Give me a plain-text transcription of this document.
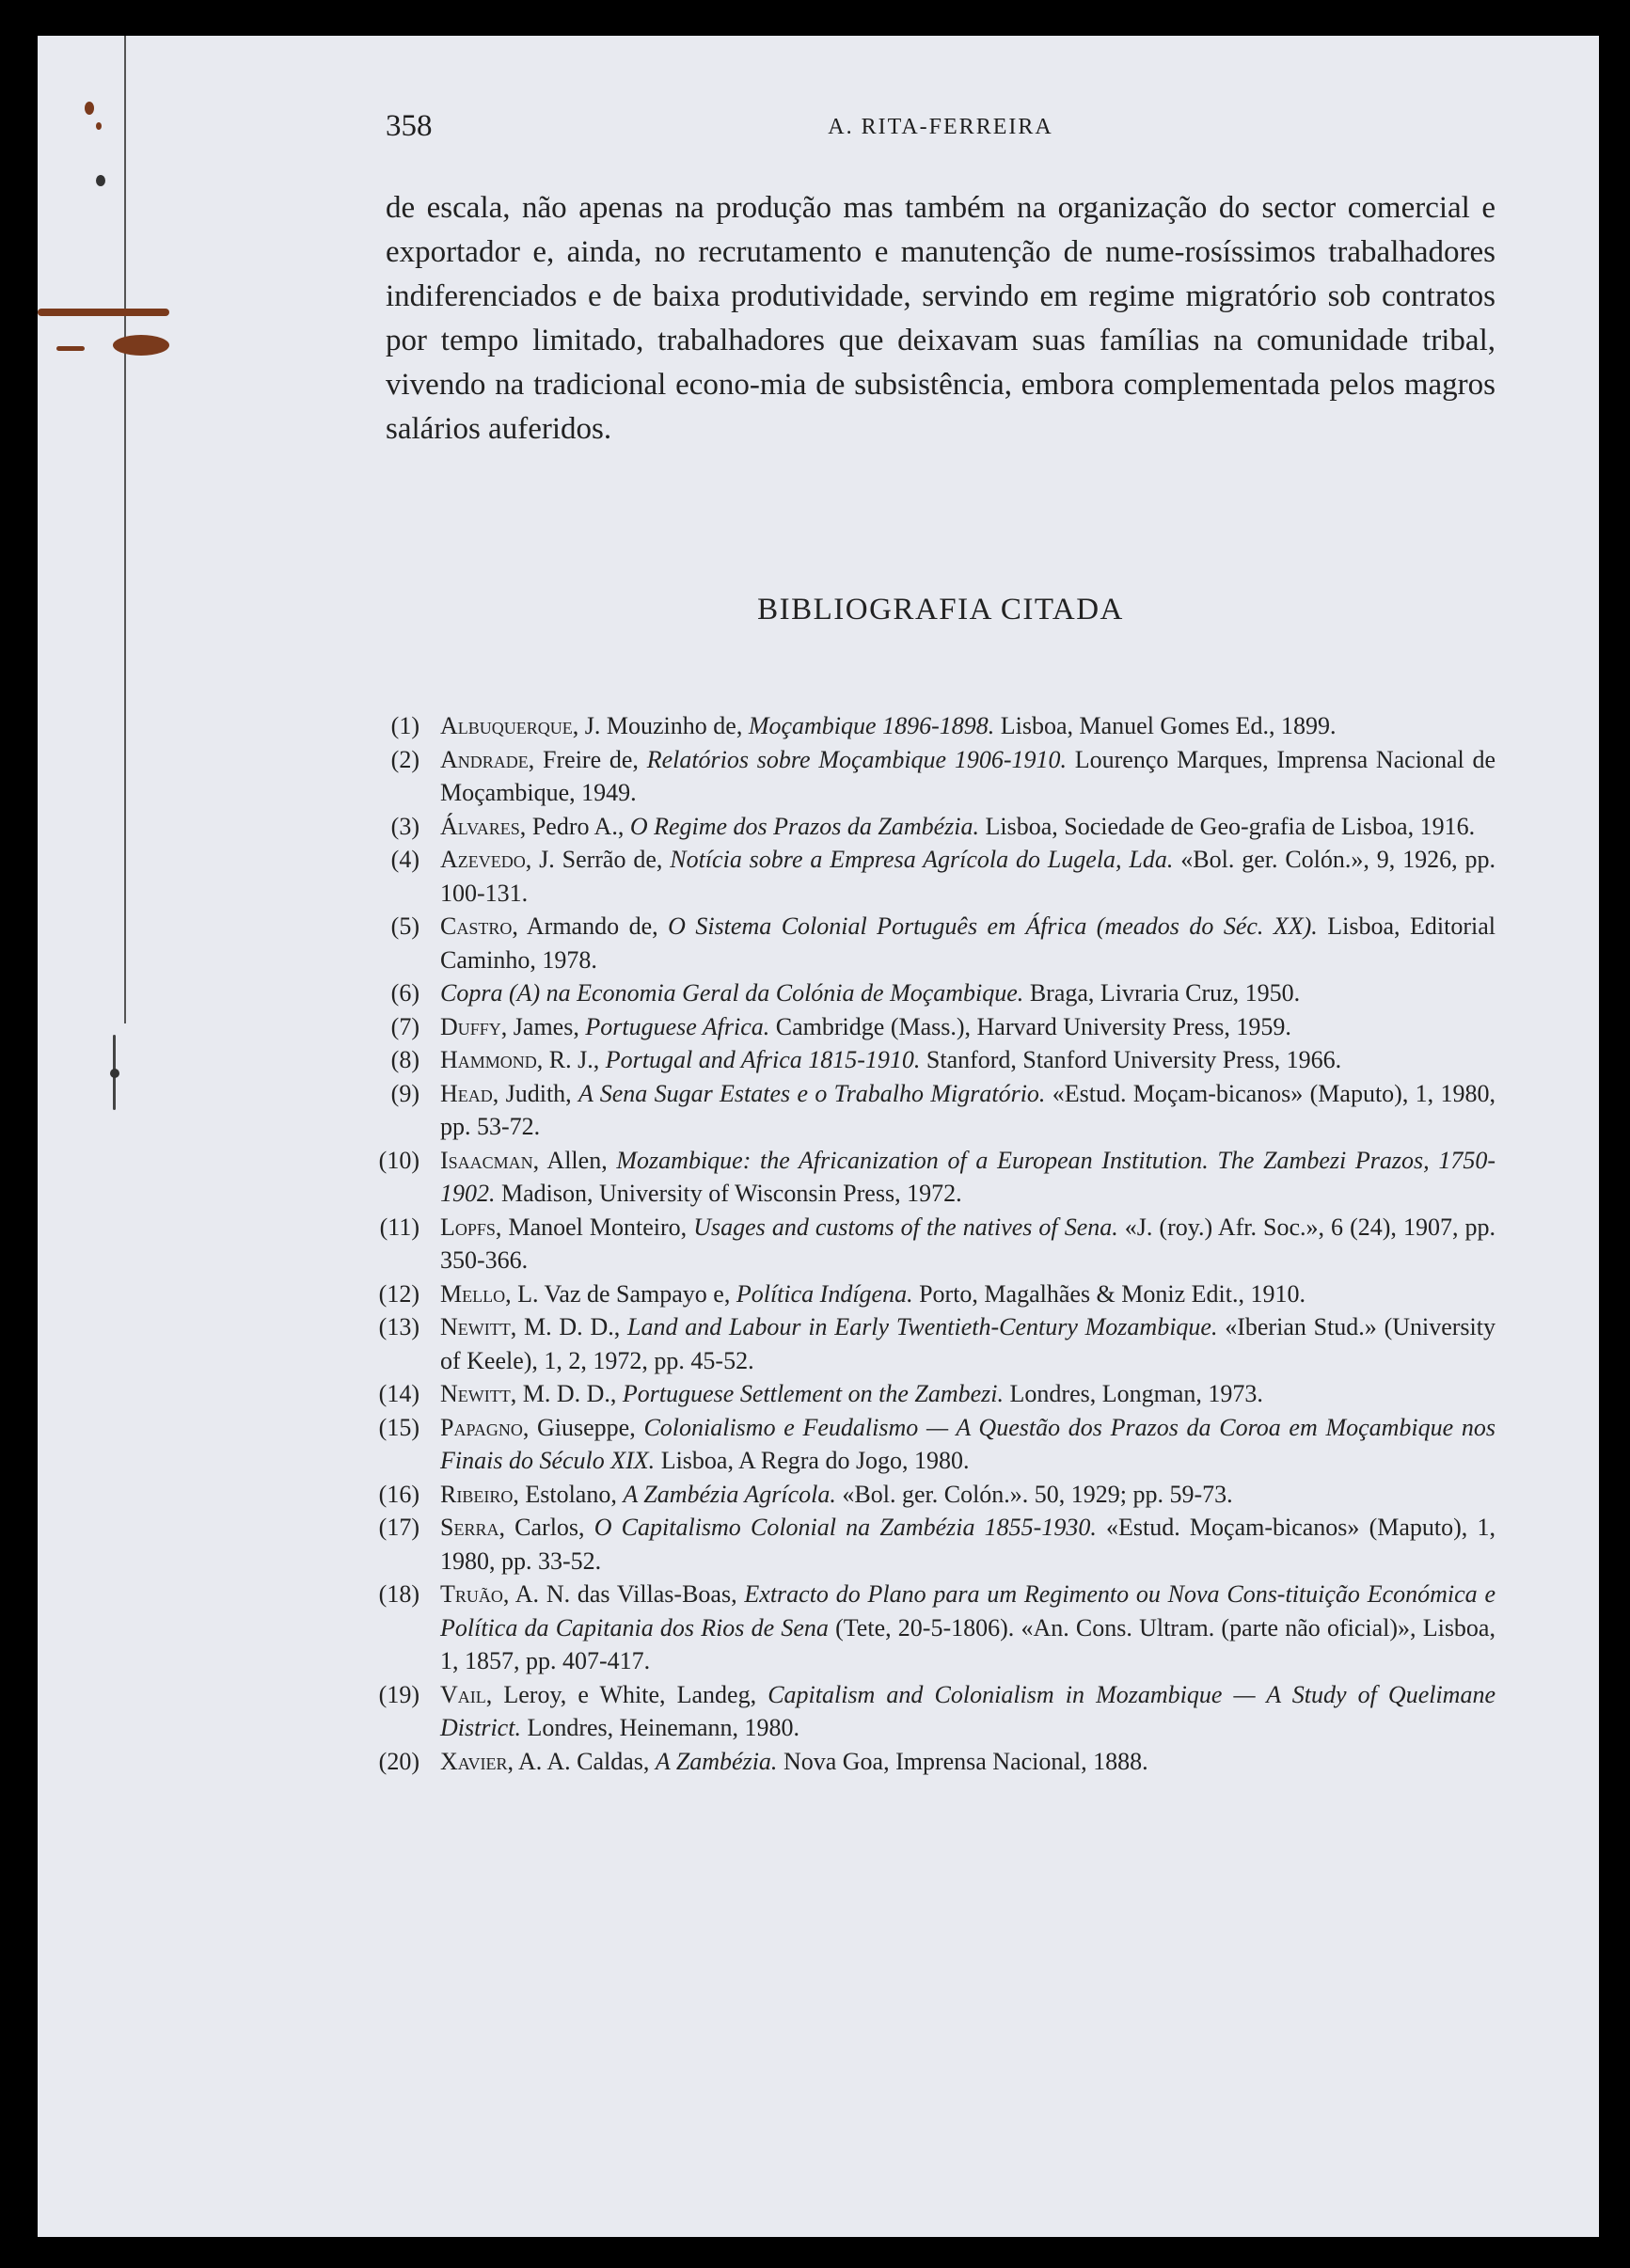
358	A. RITA-FERREIRA

de escala, não apenas na produção mas também na organização do sector comercial e exportador e, ainda, no recrutamento e manutenção de nume-rosíssimos trabalhadores indiferenciados e de baixa produtividade, servindo em regime migratório sob contratos por tempo limitado, trabalhadores que deixavam suas famílias na comunidade tribal, vivendo na tradicional econo-mia de subsistência, embora complementada pelos magros salários auferidos.

BIBLIOGRAFIA CITADA
(1) Albuquerque, J. Mouzinho de, Moçambique 1896-1898. Lisboa, Manuel Gomes Ed., 1899.
(2) Andrade, Freire de, Relatórios sobre Moçambique 1906-1910. Lourenço Marques, Imprensa Nacional de Moçambique, 1949.
(3) Álvares, Pedro A., O Regime dos Prazos da Zambézia. Lisboa, Sociedade de Geo-grafia de Lisboa, 1916.
(4) Azevedo, J. Serrão de, Notícia sobre a Empresa Agrícola do Lugela, Lda. «Bol. ger. Colón.», 9, 1926, pp. 100-131.
(5) Castro, Armando de, O Sistema Colonial Português em África (meados do Séc. XX). Lisboa, Editorial Caminho, 1978.
(6) Copra (A) na Economia Geral da Colónia de Moçambique. Braga, Livraria Cruz, 1950.
(7) Duffy, James, Portuguese Africa. Cambridge (Mass.), Harvard University Press, 1959.
(8) Hammond, R. J., Portugal and Africa 1815-1910. Stanford, Stanford University Press, 1966.
(9) Head, Judith, A Sena Sugar Estates e o Trabalho Migratório. «Estud. Moçam-bicanos» (Maputo), 1, 1980, pp. 53-72.
(10) Isaacman, Allen, Mozambique: the Africanization of a European Institution. The Zambezi Prazos, 1750-1902. Madison, University of Wisconsin Press, 1972.
(11) Lopfs, Manoel Monteiro, Usages and customs of the natives of Sena. «J. (roy.) Afr. Soc.», 6 (24), 1907, pp. 350-366.
(12) Mello, L. Vaz de Sampayo e, Política Indígena. Porto, Magalhães & Moniz Edit., 1910.
(13) Newitt, M. D. D., Land and Labour in Early Twentieth-Century Mozambique. «Iberian Stud.» (University of Keele), 1, 2, 1972, pp. 45-52.
(14) Newitt, M. D. D., Portuguese Settlement on the Zambezi. Londres, Longman, 1973.
(15) Papagno, Giuseppe, Colonialismo e Feudalismo — A Questão dos Prazos da Coroa em Moçambique nos Finais do Século XIX. Lisboa, A Regra do Jogo, 1980.
(16) Ribeiro, Estolano, A Zambézia Agrícola. «Bol. ger. Colón.». 50, 1929; pp. 59-73.
(17) Serra, Carlos, O Capitalismo Colonial na Zambézia 1855-1930. «Estud. Moçam-bicanos» (Maputo), 1, 1980, pp. 33-52.
(18) Truão, A. N. das Villas-Boas, Extracto do Plano para um Regimento ou Nova Cons-tituição Económica e Política da Capitania dos Rios de Sena (Tete, 20-5-1806). «An. Cons. Ultram. (parte não oficial)», Lisboa, 1, 1857, pp. 407-417.
(19) Vail, Leroy, e White, Landeg, Capitalism and Colonialism in Mozambique — A Study of Quelimane District. Londres, Heinemann, 1980.
(20) Xavier, A. A. Caldas, A Zambézia. Nova Goa, Imprensa Nacional, 1888.
